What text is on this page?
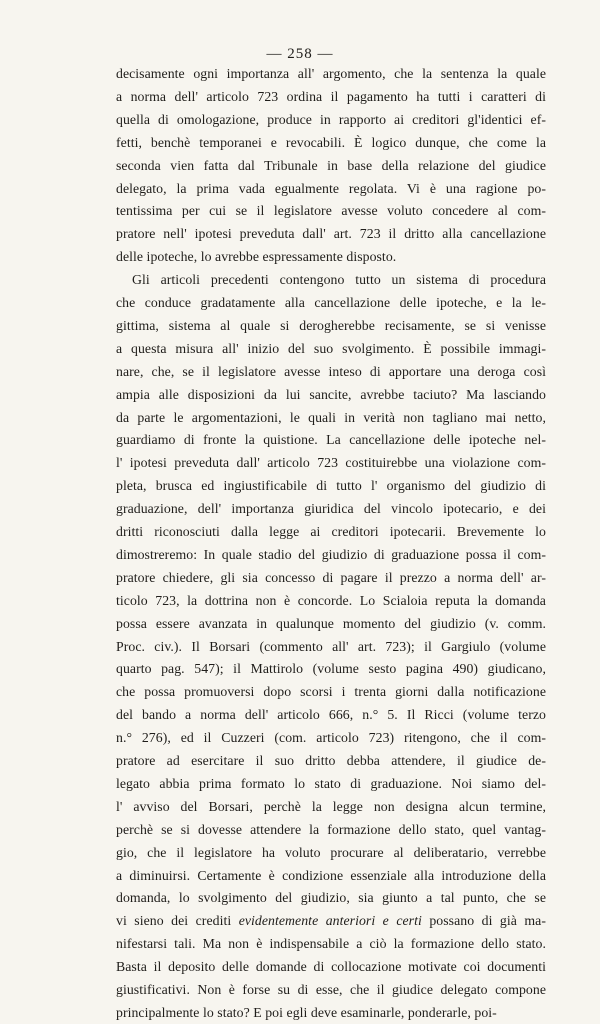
— 258 —
decisamente ogni importanza all' argomento, che la sentenza la quale
a norma dell' articolo 723 ordina il pagamento ha tutti i caratteri di
quella di omologazione, produce in rapporto ai creditori gl'identici ef-
fetti, benchè temporanei e revocabili. È logico dunque, che come la
seconda vien fatta dal Tribunale in base della relazione del giudice
delegato, la prima vada egualmente regolata. Vi è una ragione po-
tentissima per cui se il legislatore avesse voluto concedere al com-
pratore nell' ipotesi preveduta dall' art. 723 il dritto alla cancellazione
delle ipoteche, lo avrebbe espressamente disposto.
Gli articoli precedenti contengono tutto un sistema di procedura
che conduce gradatamente alla cancellazione delle ipoteche, e la le-
gittima, sistema al quale si derogherebbe recisamente, se si venisse
a questa misura all' inizio del suo svolgimento. È possibile immagi-
nare, che, se il legislatore avesse inteso di apportare una deroga così
ampia alle disposizioni da lui sancite, avrebbe taciuto? Ma lasciando
da parte le argomentazioni, le quali in verità non tagliano mai netto,
guardiamo di fronte la quistione. La cancellazione delle ipoteche nel-
l' ipotesi preveduta dall' articolo 723 costituirebbe una violazione com-
pleta, brusca ed ingiustificabile di tutto l' organismo del giudizio di
graduazione, dell' importanza giuridica del vincolo ipotecario, e dei
dritti riconosciuti dalla legge ai creditori ipotecarii. Brevemente lo
dimostreremo: In quale stadio del giudizio di graduazione possa il com-
pratore chiedere, gli sia concesso di pagare il prezzo a norma dell' ar-
ticolo 723, la dottrina non è concorde. Lo Scialoia reputa la domanda
possa essere avanzata in qualunque momento del giudizio (v. comm.
Proc. civ.). Il Borsari (commento all' art. 723); il Gargiulo (volume
quarto pag. 547); il Mattirolo (volume sesto pagina 490) giudicano,
che possa promuoversi dopo scorsi i trenta giorni dalla notificazione
del bando a norma dell' articolo 666, n.° 5. Il Ricci (volume terzo
n.° 276), ed il Cuzzeri (com. articolo 723) ritengono, che il com-
pratore ad esercitare il suo dritto debba attendere, il giudice de-
legato abbia prima formato lo stato di graduazione. Noi siamo del-
l' avviso del Borsari, perchè la legge non designa alcun termine,
perchè se si dovesse attendere la formazione dello stato, quel vantag-
gio, che il legislatore ha voluto procurare al deliberatario, verrebbe
a diminuirsi. Certamente è condizione essenziale alla introduzione della
domanda, lo svolgimento del giudizio, sia giunto a tal punto, che se
vi sieno dei crediti evidentemente anteriori e certi possano di già ma-
nifestarsi tali. Ma non è indispensabile a ciò la formazione dello stato.
Basta il deposito delle domande di collocazione motivate coi documenti
giustificativi. Non è forse su di esse, che il giudice delegato compone
principalmente lo stato? E poi egli deve esaminarle, ponderarle, poi-
